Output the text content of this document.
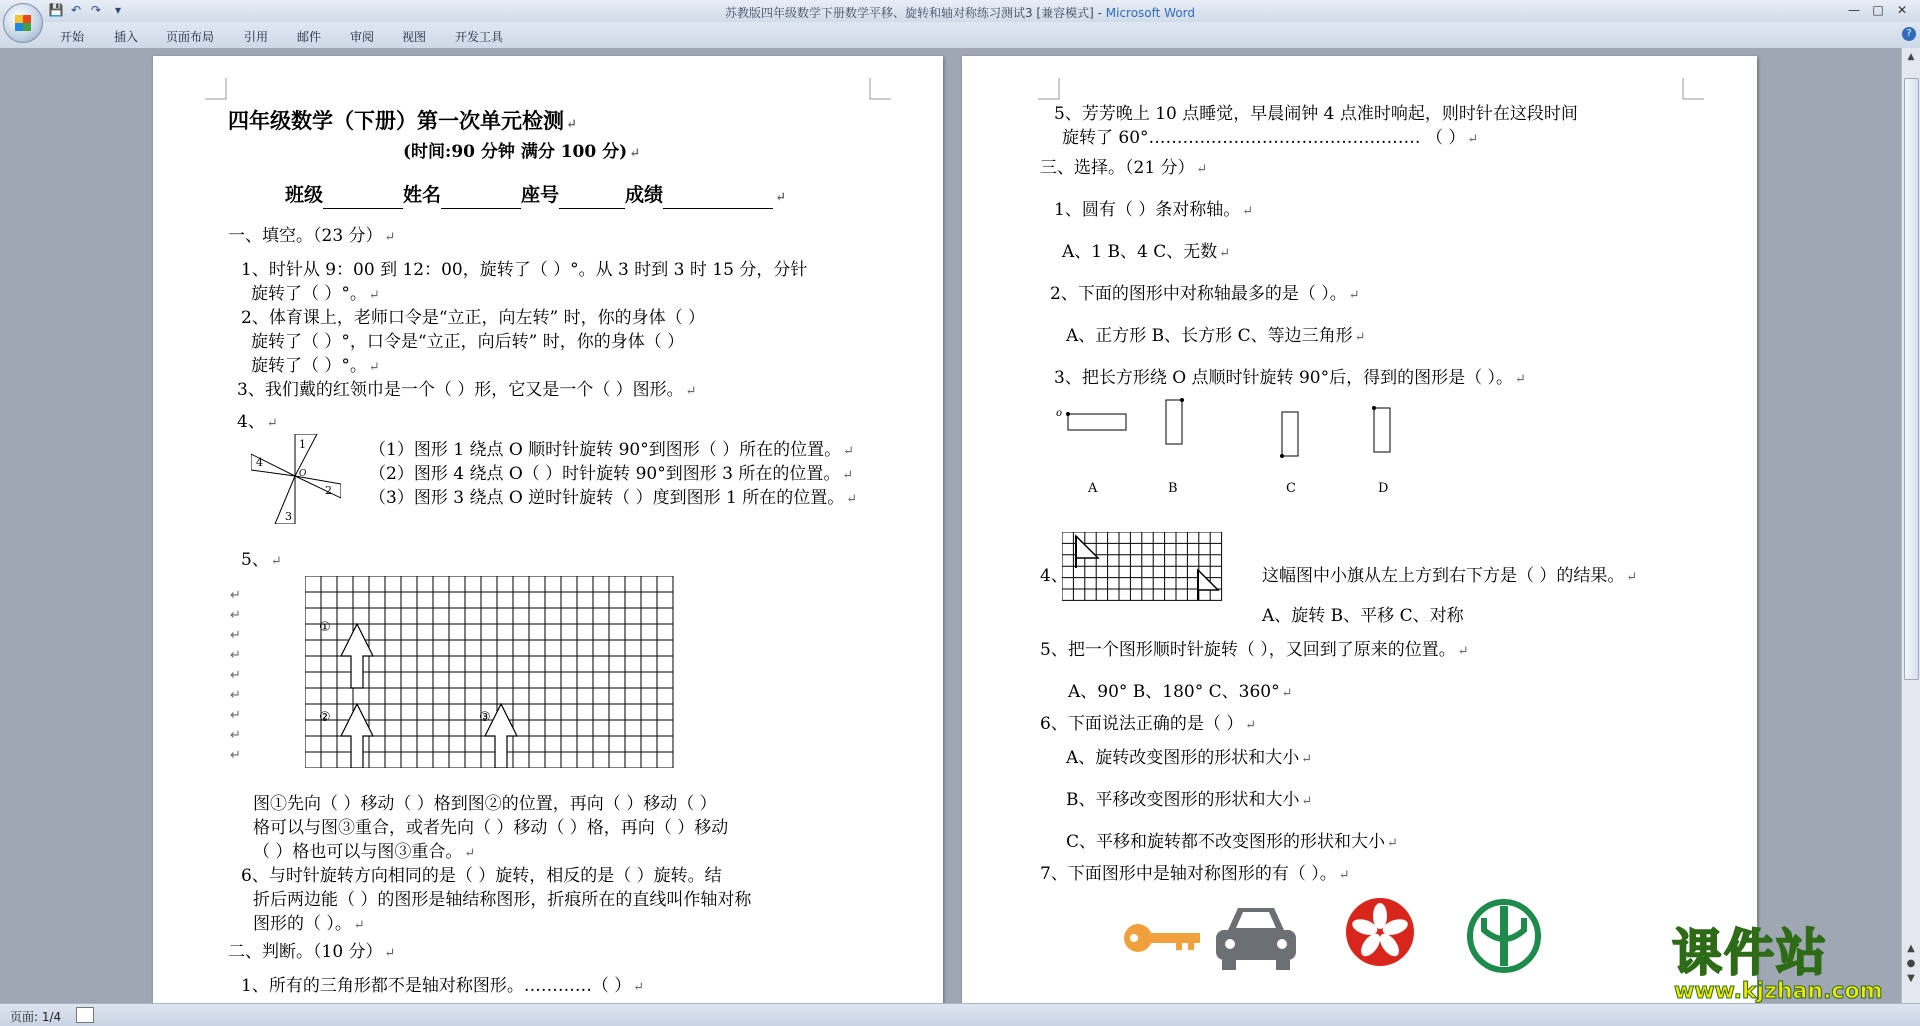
💾 ↶ ↷	▾	苏教版四年级数学下册数学平移、旋转和轴对称练习测试3 [兼容模式] - Microsoft Word	—	□	✕
开始 插入 页面布局 引用 邮件 审阅 视图 开发工具	?
四年级数学（下册）第一次单元检测 ↵
(时间:90 分钟 满分 100 分) ↵
班级	姓名	座号	成绩	↵
一、填空。（23 分） ↵
1、时针从 9：00 到 12：00，旋转了（ ）°。从 3 时到 3 时 15 分，分针
旋转了（ ）°。 ↵
2、体育课上，老师口令是“立正，向左转” 时，你的身体（ ）
旋转了（ ）°，口令是“立正，向后转” 时，你的身体（ ）
旋转了（ ）°。 ↵
3、我们戴的红领巾是一个（ ）形，它又是一个（ ）图形。 ↵
4、 ↵
1
2
3
4
O
（1）图形 1 绕点 O 顺时针旋转 90°到图形（ ）所在的位置。 ↵
（2）图形 4 绕点 O（ ）时针旋转 90°到图形 3 所在的位置。 ↵
（3）图形 3 绕点 O 逆时针旋转（ ）度到图形 1 所在的位置。 ↵
5、 ↵
①
②	③
↵
↵
↵
↵
↵
↵
↵
↵
↵
图①先向（ ）移动（ ）格到图②的位置，再向（ ）移动（ ）
格可以与图③重合，或者先向（ ）移动（ ）格，再向（ ）移动
（ ）格也可以与图③重合。 ↵
6、与时针旋转方向相同的是（ ）旋转，相反的是（ ）旋转。结
折后两边能（ ）的图形是轴结称图形，折痕所在的直线叫作轴对称
图形的（ ）。 ↵
二、判断。（10 分） ↵
1、所有的三角形都不是轴对称图形。…………（ ） ↵
5、芳芳晚上 10 点睡觉，早晨闹钟 4 点准时响起，则时针在这段时间
旋转了 60°………………………………………… （ ） ↵
三、选择。（21 分） ↵
1、圆有（ ）条对称轴。 ↵
A、1 B、4 C、无数 ↵
2、下面的图形中对称轴最多的是（ ）。 ↵
A、正方形 B、长方形 C、等边三角形 ↵
3、把长方形绕 O 点顺时针旋转 90°后，得到的图形是（ ）。 ↵
o
A	B	C	D
4、	这幅图中小旗从左上方到右下方是（ ）的结果。 ↵
A、旋转 B、平移 C、对称
5、把一个图形顺时针旋转（ ），又回到了原来的位置。 ↵
A、90° B、180° C、360° ↵
6、下面说法正确的是（ ） ↵
A、旋转改变图形的形状和大小 ↵
B、平移改变图形的形状和大小 ↵
C、平移和旋转都不改变图形的形状和大小 ↵
7、下面图形中是轴对称图形的有（ ）。 ↵
▲
▲
●
▼
页面: 1/4
课件站
www.kjzhan.com
